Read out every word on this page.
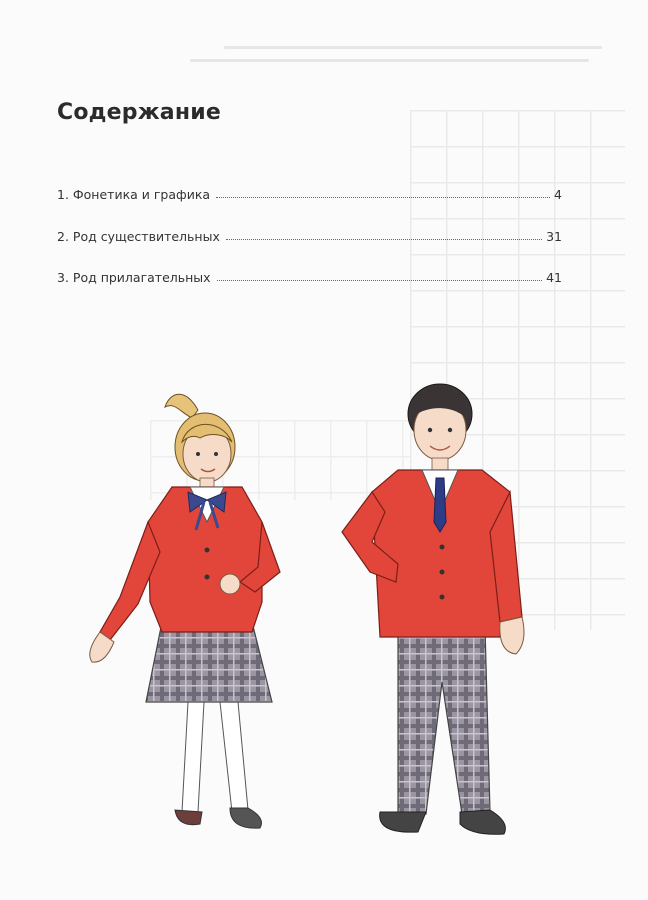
Содержание
1. Фонетика и графика	4
2. Род существительных	31
3. Род прилагательных	41
